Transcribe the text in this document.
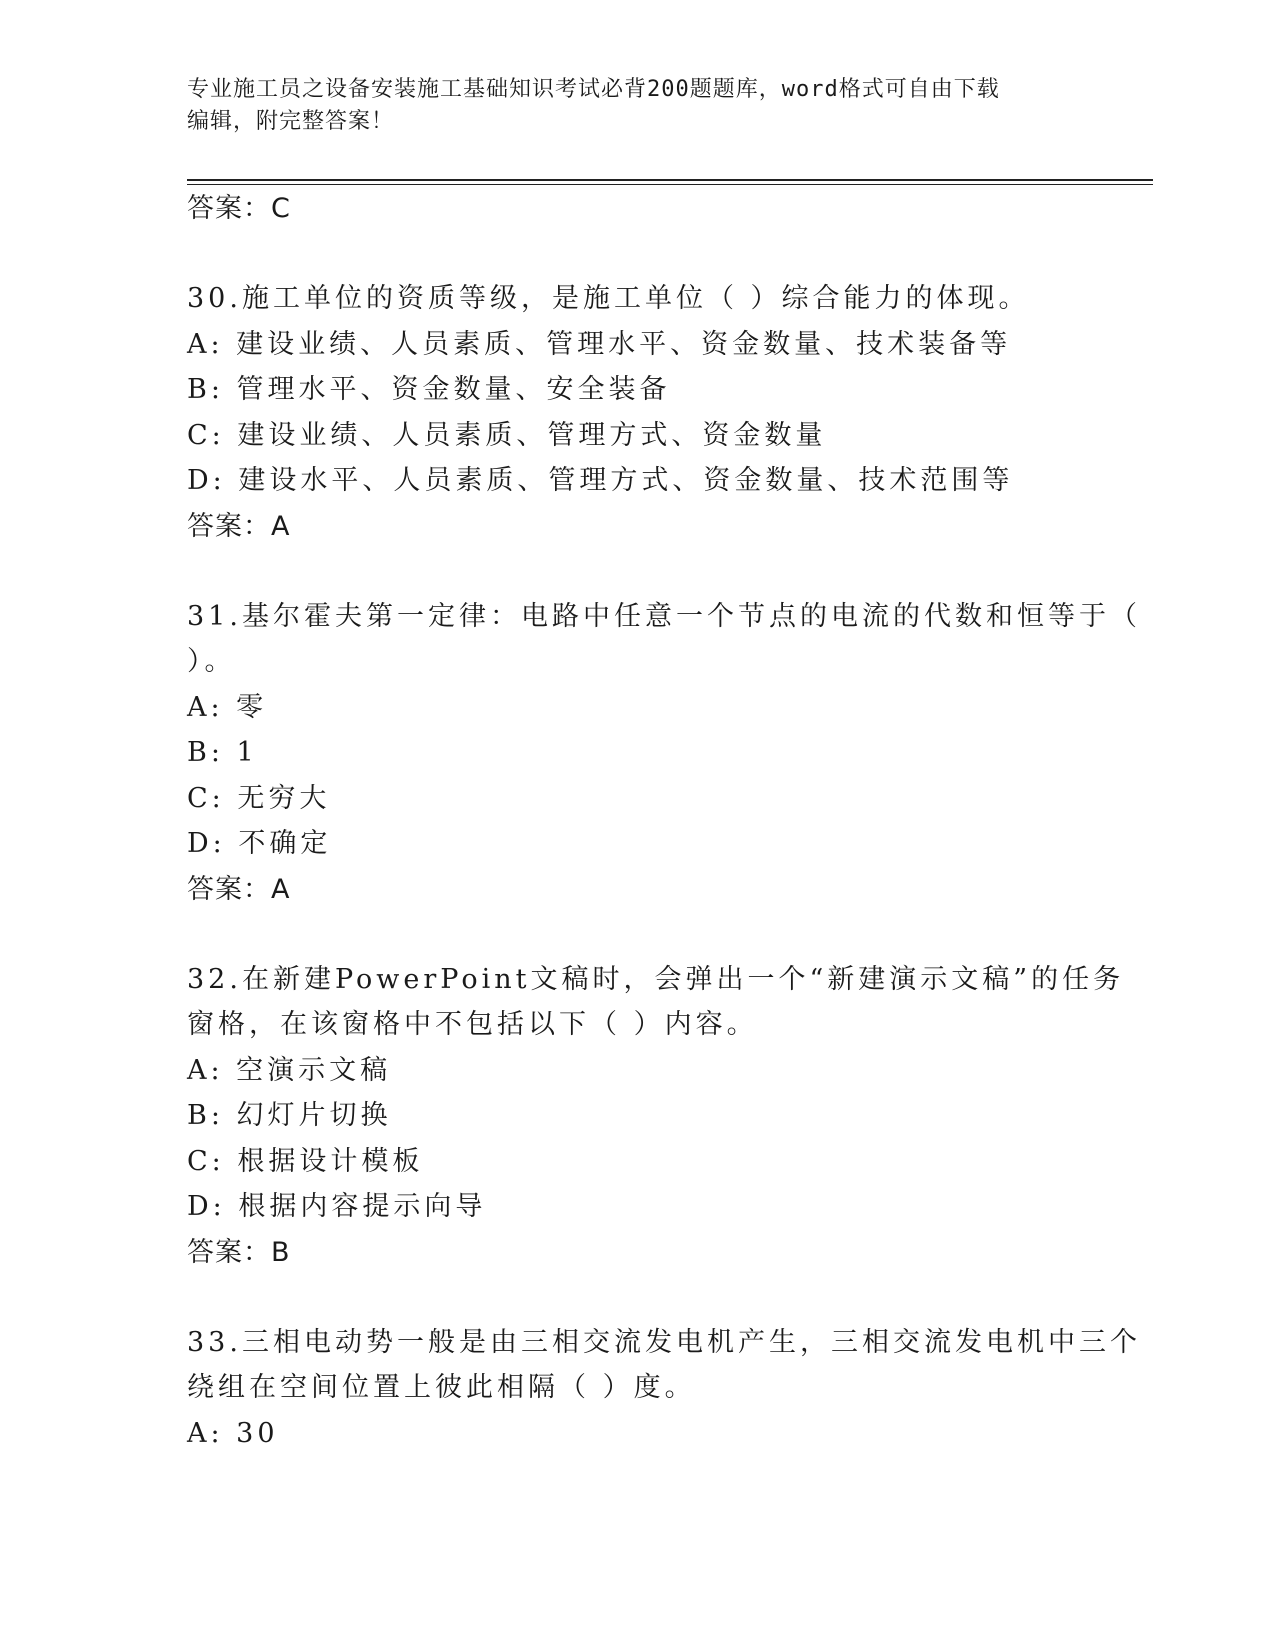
专业施工员之设备安装施工基础知识考试必背200题题库，word格式可自由下载
编辑，附完整答案！
答案：C
30.施工单位的资质等级，是施工单位（ ）综合能力的体现。
A: 建设业绩、人员素质、管理水平、资金数量、技术装备等
B: 管理水平、资金数量、安全装备
C: 建设业绩、人员素质、管理方式、资金数量
D: 建设水平、人员素质、管理方式、资金数量、技术范围等
答案：A
31.基尔霍夫第一定律：电路中任意一个节点的电流的代数和恒等于（
）。
A: 零
B: 1
C: 无穷大
D: 不确定
答案：A
32.在新建PowerPoint文稿时，会弹出一个“新建演示文稿”的任务
窗格，在该窗格中不包括以下（ ）内容。
A: 空演示文稿
B: 幻灯片切换
C: 根据设计模板
D: 根据内容提示向导
答案：B
33.三相电动势一般是由三相交流发电机产生，三相交流发电机中三个
绕组在空间位置上彼此相隔（ ）度。
A: 30
